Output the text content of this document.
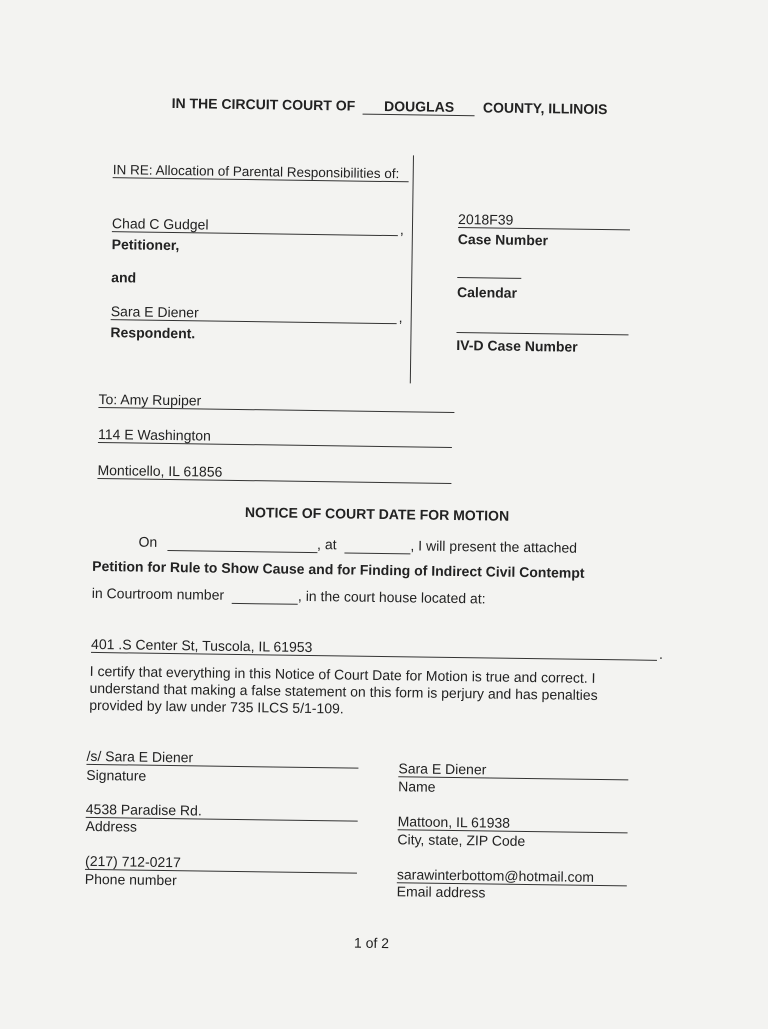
IN THE CIRCUIT COURT OF DOUGLAS COUNTY, ILLINOIS
IN RE: Allocation of Parental Responsibilities of:
Chad C Gudgel	,
Petitioner,
and
Sara E Diener	,
Respondent.
2018F39
Case Number
Calendar
IV-D Case Number
To: Amy Rupiper
114 E Washington
Monticello, IL 61856
NOTICE OF COURT DATE FOR MOTION
On	, at	, I will present the attached
Petition for Rule to Show Cause and for Finding of Indirect Civil Contempt
in Courtroom number	, in the court house located at:
401 .S Center St, Tuscola, IL 61953	.
I certify that everything in this Notice of Court Date for Motion is true and correct. I understand that making a false statement on this form is perjury and has penalties provided by law under 735 ILCS 5/1-109.
/s/ Sara E Diener
Signature
4538 Paradise Rd.
Address
(217) 712-0217
Phone number
Sara E Diener
Name
Mattoon, IL 61938
City, state, ZIP Code
sarawinterbottom@hotmail.com
Email address
1 of 2
